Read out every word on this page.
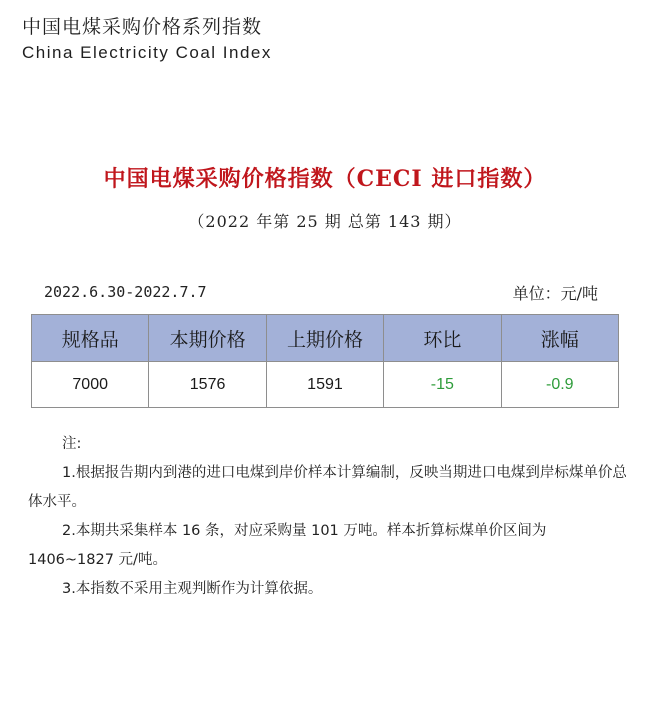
中国电煤采购价格系列指数
China Electricity Coal Index
中国电煤采购价格指数（CECI 进口指数）
（2022 年第 25 期 总第 143 期）
2022.6.30-2022.7.7	单位：元/吨
规格品	本期价格	上期价格	环比	涨幅
7000	1576	1591	-15	-0.9

注:

1.根据报告期内到港的进口电煤到岸价样本计算编制，反映当期进口电煤到岸标煤单价总体水平。

2.本期共采集样本 16 条，对应采购量 101 万吨。样本折算标煤单价区间为 1406~1827 元/吨。

3.本指数不采用主观判断作为计算依据。
